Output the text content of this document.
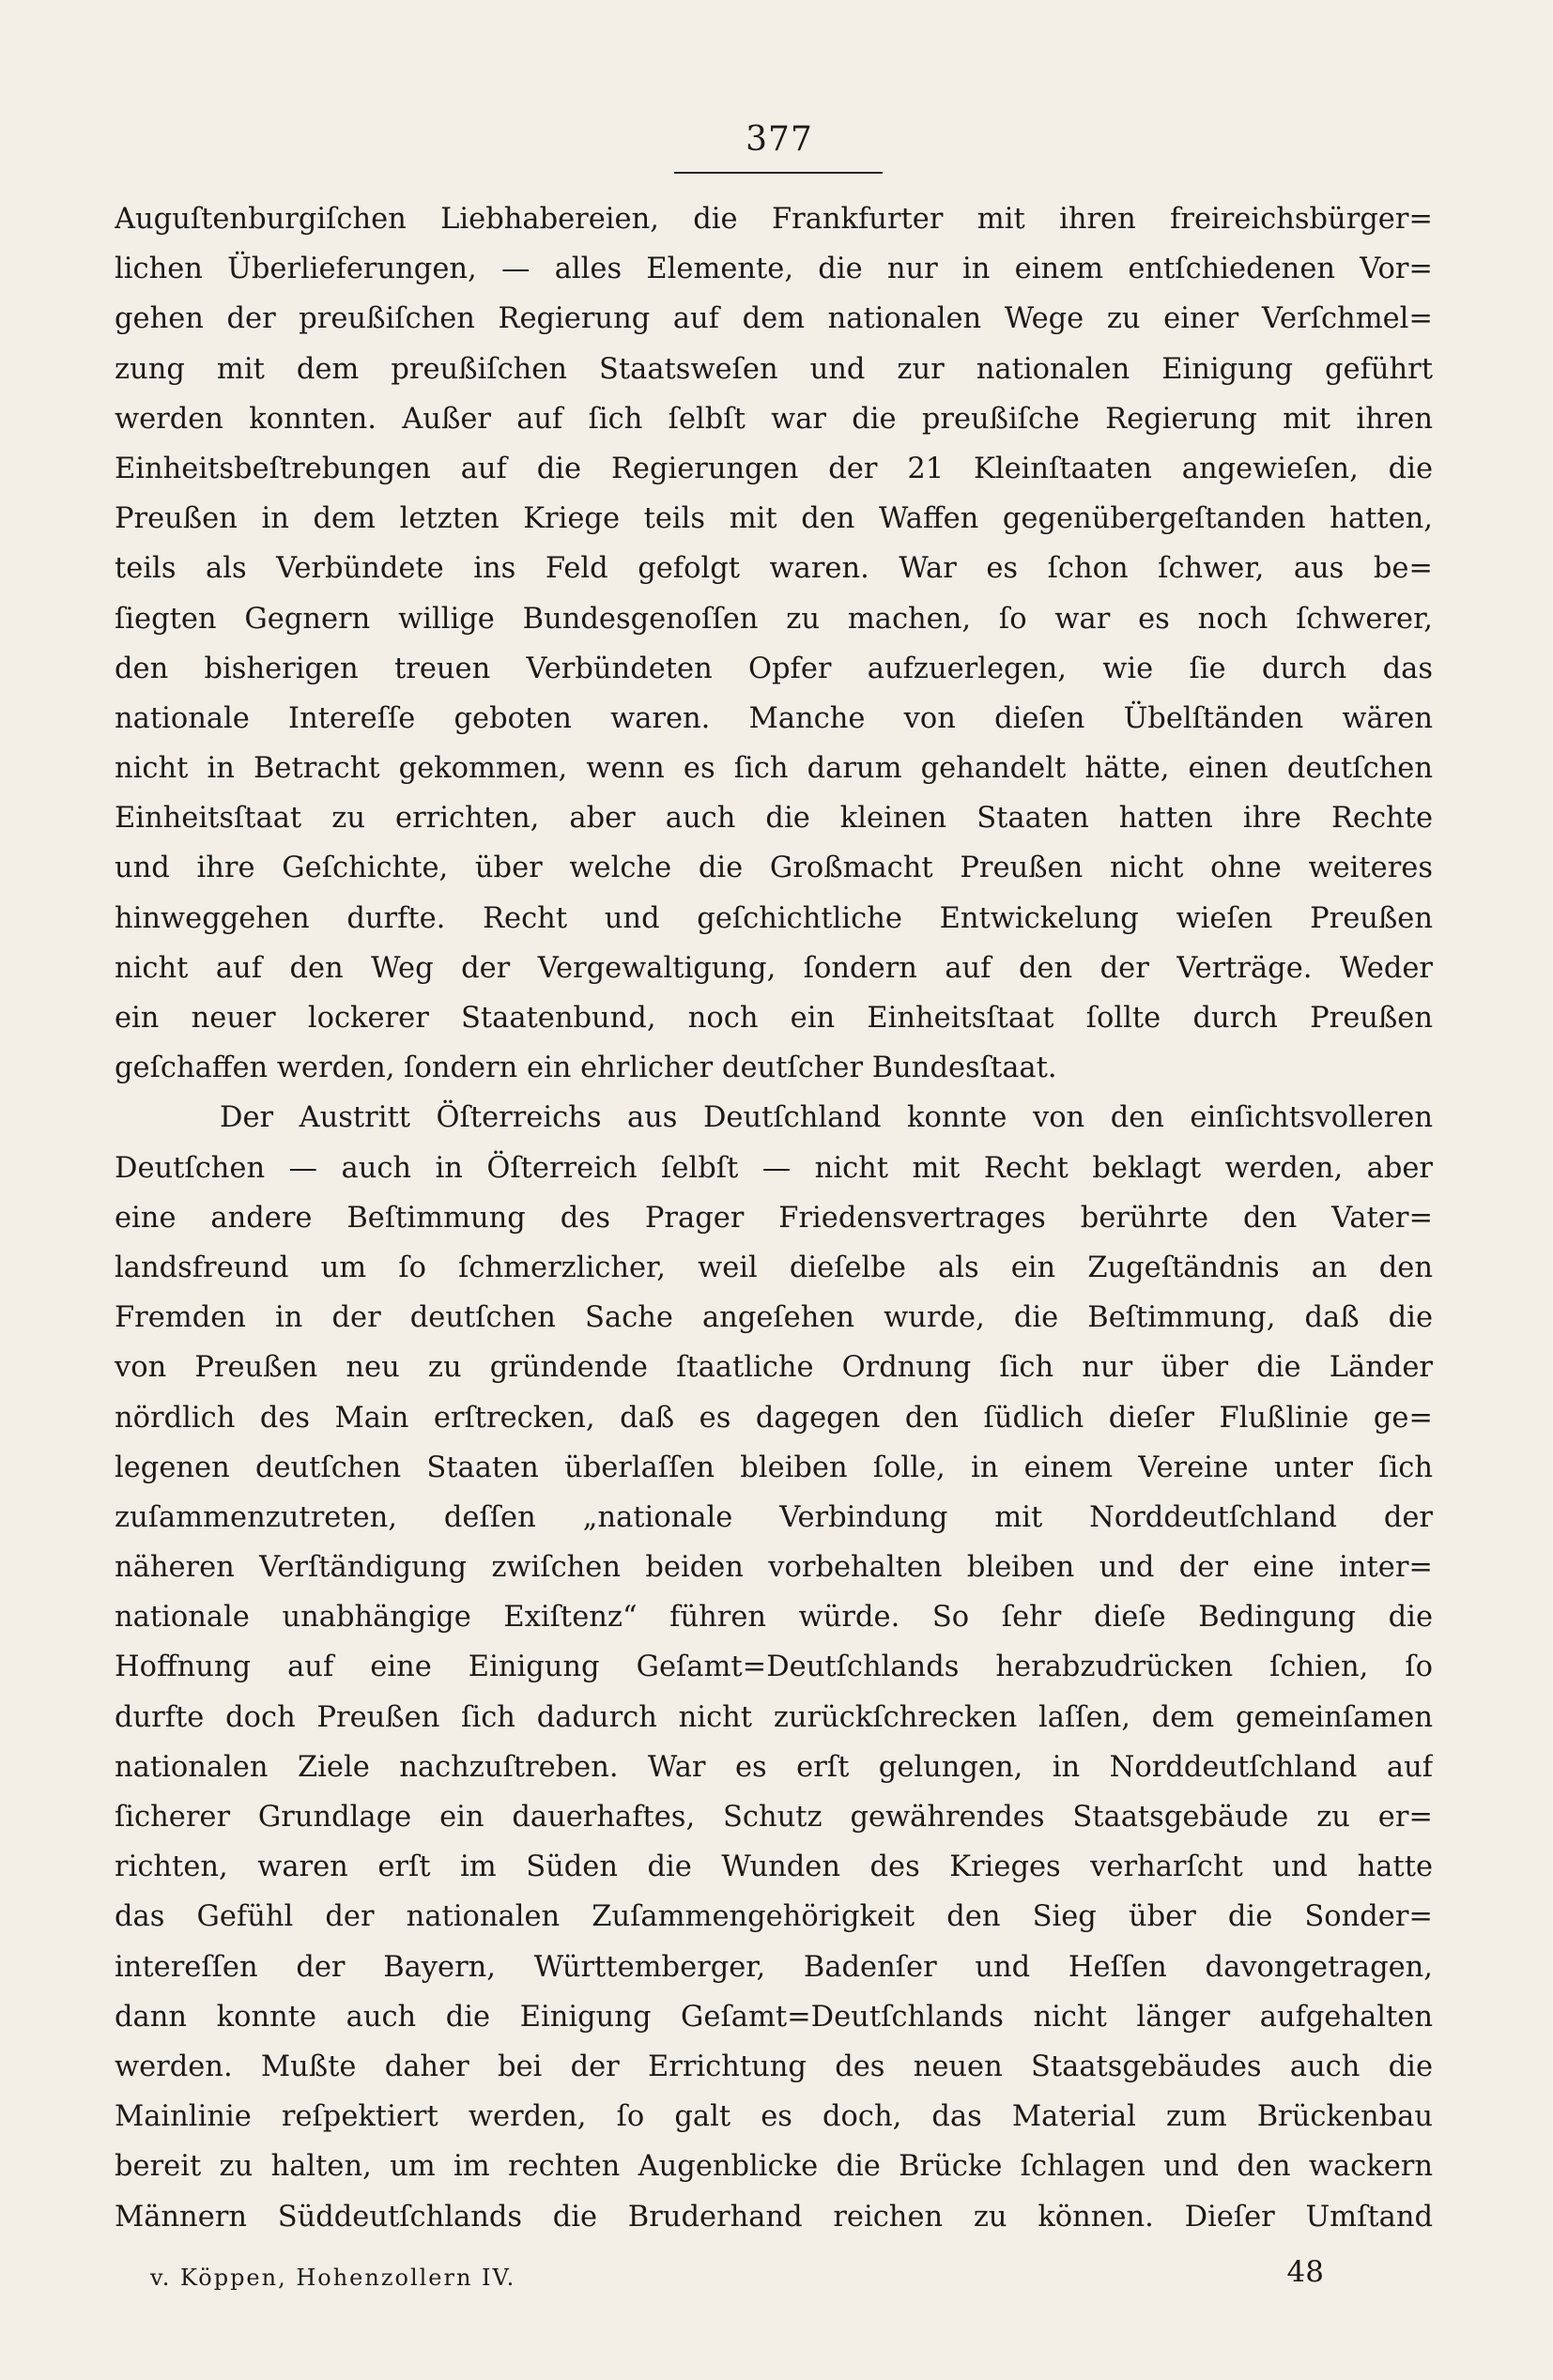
377
Auguſtenburgiſchen Liebhabereien, die Frankfurter mit ihren freireichsbürger=
lichen Überlieferungen, — alles Elemente, die nur in einem entſchiedenen Vor=
gehen der preußiſchen Regierung auf dem nationalen Wege zu einer Verſchmel=
zung mit dem preußiſchen Staatsweſen und zur nationalen Einigung geführt
werden konnten. Außer auf ſich ſelbſt war die preußiſche Regierung mit ihren
Einheitsbeſtrebungen auf die Regierungen der 21 Kleinſtaaten angewieſen, die
Preußen in dem letzten Kriege teils mit den Waffen gegenübergeſtanden hatten,
teils als Verbündete ins Feld gefolgt waren. War es ſchon ſchwer, aus be=
ſiegten Gegnern willige Bundesgenoſſen zu machen, ſo war es noch ſchwerer,
den bisherigen treuen Verbündeten Opfer aufzuerlegen, wie ſie durch das
nationale Intereſſe geboten waren. Manche von dieſen Übelſtänden wären
nicht in Betracht gekommen, wenn es ſich darum gehandelt hätte, einen deutſchen
Einheitsſtaat zu errichten, aber auch die kleinen Staaten hatten ihre Rechte
und ihre Geſchichte, über welche die Großmacht Preußen nicht ohne weiteres
hinweggehen durfte. Recht und geſchichtliche Entwickelung wieſen Preußen
nicht auf den Weg der Vergewaltigung, ſondern auf den der Verträge. Weder
ein neuer lockerer Staatenbund, noch ein Einheitsſtaat ſollte durch Preußen
geſchaffen werden, ſondern ein ehrlicher deutſcher Bundesſtaat.
Der Austritt Öſterreichs aus Deutſchland konnte von den einſichtsvolleren
Deutſchen — auch in Öſterreich ſelbſt — nicht mit Recht beklagt werden, aber
eine andere Beſtimmung des Prager Friedensvertrages berührte den Vater=
landsfreund um ſo ſchmerzlicher, weil dieſelbe als ein Zugeſtändnis an den
Fremden in der deutſchen Sache angeſehen wurde, die Beſtimmung, daß die
von Preußen neu zu gründende ſtaatliche Ordnung ſich nur über die Länder
nördlich des Main erſtrecken, daß es dagegen den ſüdlich dieſer Flußlinie ge=
legenen deutſchen Staaten überlaſſen bleiben ſolle, in einem Vereine unter ſich
zuſammenzutreten, deſſen „nationale Verbindung mit Norddeutſchland der
näheren Verſtändigung zwiſchen beiden vorbehalten bleiben und der eine inter=
nationale unabhängige Exiſtenz“ führen würde. So ſehr dieſe Bedingung die
Hoffnung auf eine Einigung Geſamt=Deutſchlands herabzudrücken ſchien, ſo
durfte doch Preußen ſich dadurch nicht zurückſchrecken laſſen, dem gemeinſamen
nationalen Ziele nachzuſtreben. War es erſt gelungen, in Norddeutſchland auf
ſicherer Grundlage ein dauerhaftes, Schutz gewährendes Staatsgebäude zu er=
richten, waren erſt im Süden die Wunden des Krieges verharſcht und hatte
das Gefühl der nationalen Zuſammengehörigkeit den Sieg über die Sonder=
intereſſen der Bayern, Württemberger, Badenſer und Heſſen davongetragen,
dann konnte auch die Einigung Geſamt=Deutſchlands nicht länger aufgehalten
werden. Mußte daher bei der Errichtung des neuen Staatsgebäudes auch die
Mainlinie reſpektiert werden, ſo galt es doch, das Material zum Brückenbau
bereit zu halten, um im rechten Augenblicke die Brücke ſchlagen und den wackern
Männern Süddeutſchlands die Bruderhand reichen zu können. Dieſer Umſtand
v. Köppen, Hohenzollern IV.	48
